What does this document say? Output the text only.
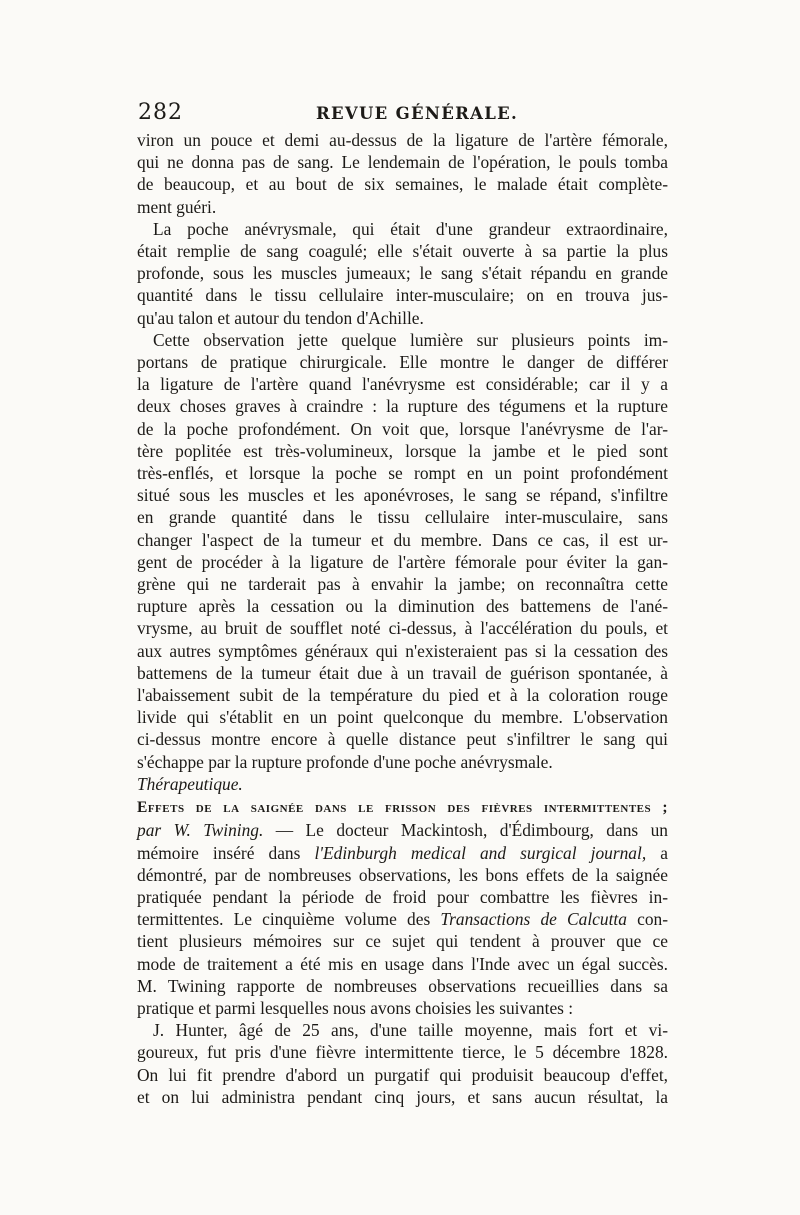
282	REVUE GÉNÉRALE.

viron un pouce et demi au-dessus de la ligature de l'artère fémorale,

qui ne donna pas de sang. Le lendemain de l'opération, le pouls tomba

de beaucoup, et au bout de six semaines, le malade était complète-

ment guéri.

La poche anévrysmale, qui était d'une grandeur extraordinaire,

était remplie de sang coagulé; elle s'était ouverte à sa partie la plus

profonde, sous les muscles jumeaux; le sang s'était répandu en grande

quantité dans le tissu cellulaire inter-musculaire; on en trouva jus-

qu'au talon et autour du tendon d'Achille.

Cette observation jette quelque lumière sur plusieurs points im-

portans de pratique chirurgicale. Elle montre le danger de différer

la ligature de l'artère quand l'anévrysme est considérable; car il y a

deux choses graves à craindre : la rupture des tégumens et la rupture

de la poche profondément. On voit que, lorsque l'anévrysme de l'ar-

tère poplitée est très-volumineux, lorsque la jambe et le pied sont

très-enflés, et lorsque la poche se rompt en un point profondément

situé sous les muscles et les aponévroses, le sang se répand, s'infiltre

en grande quantité dans le tissu cellulaire inter-musculaire, sans

changer l'aspect de la tumeur et du membre. Dans ce cas, il est ur-

gent de procéder à la ligature de l'artère fémorale pour éviter la gan-

grène qui ne tarderait pas à envahir la jambe; on reconnaîtra cette

rupture après la cessation ou la diminution des battemens de l'ané-

vrysme, au bruit de soufflet noté ci-dessus, à l'accélération du pouls, et

aux autres symptômes généraux qui n'existeraient pas si la cessation des

battemens de la tumeur était due à un travail de guérison spontanée, à

l'abaissement subit de la température du pied et à la coloration rouge

livide qui s'établit en un point quelconque du membre. L'observation

ci-dessus montre encore à quelle distance peut s'infiltrer le sang qui

s'échappe par la rupture profonde d'une poche anévrysmale.

Thérapeutique.

Effets de la saignée dans le frisson des fièvres intermittentes ;

par W. Twining. — Le docteur Mackintosh, d'Édimbourg, dans un

mémoire inséré dans l'Edinburgh medical and surgical journal, a

démontré, par de nombreuses observations, les bons effets de la saignée

pratiquée pendant la période de froid pour combattre les fièvres in-

termittentes. Le cinquième volume des Transactions de Calcutta con-

tient plusieurs mémoires sur ce sujet qui tendent à prouver que ce

mode de traitement a été mis en usage dans l'Inde avec un égal succès.

M. Twining rapporte de nombreuses observations recueillies dans sa

pratique et parmi lesquelles nous avons choisies les suivantes :

J. Hunter, âgé de 25 ans, d'une taille moyenne, mais fort et vi-

goureux, fut pris d'une fièvre intermittente tierce, le 5 décembre 1828.

On lui fit prendre d'abord un purgatif qui produisit beaucoup d'effet,

et on lui administra pendant cinq jours, et sans aucun résultat, la
